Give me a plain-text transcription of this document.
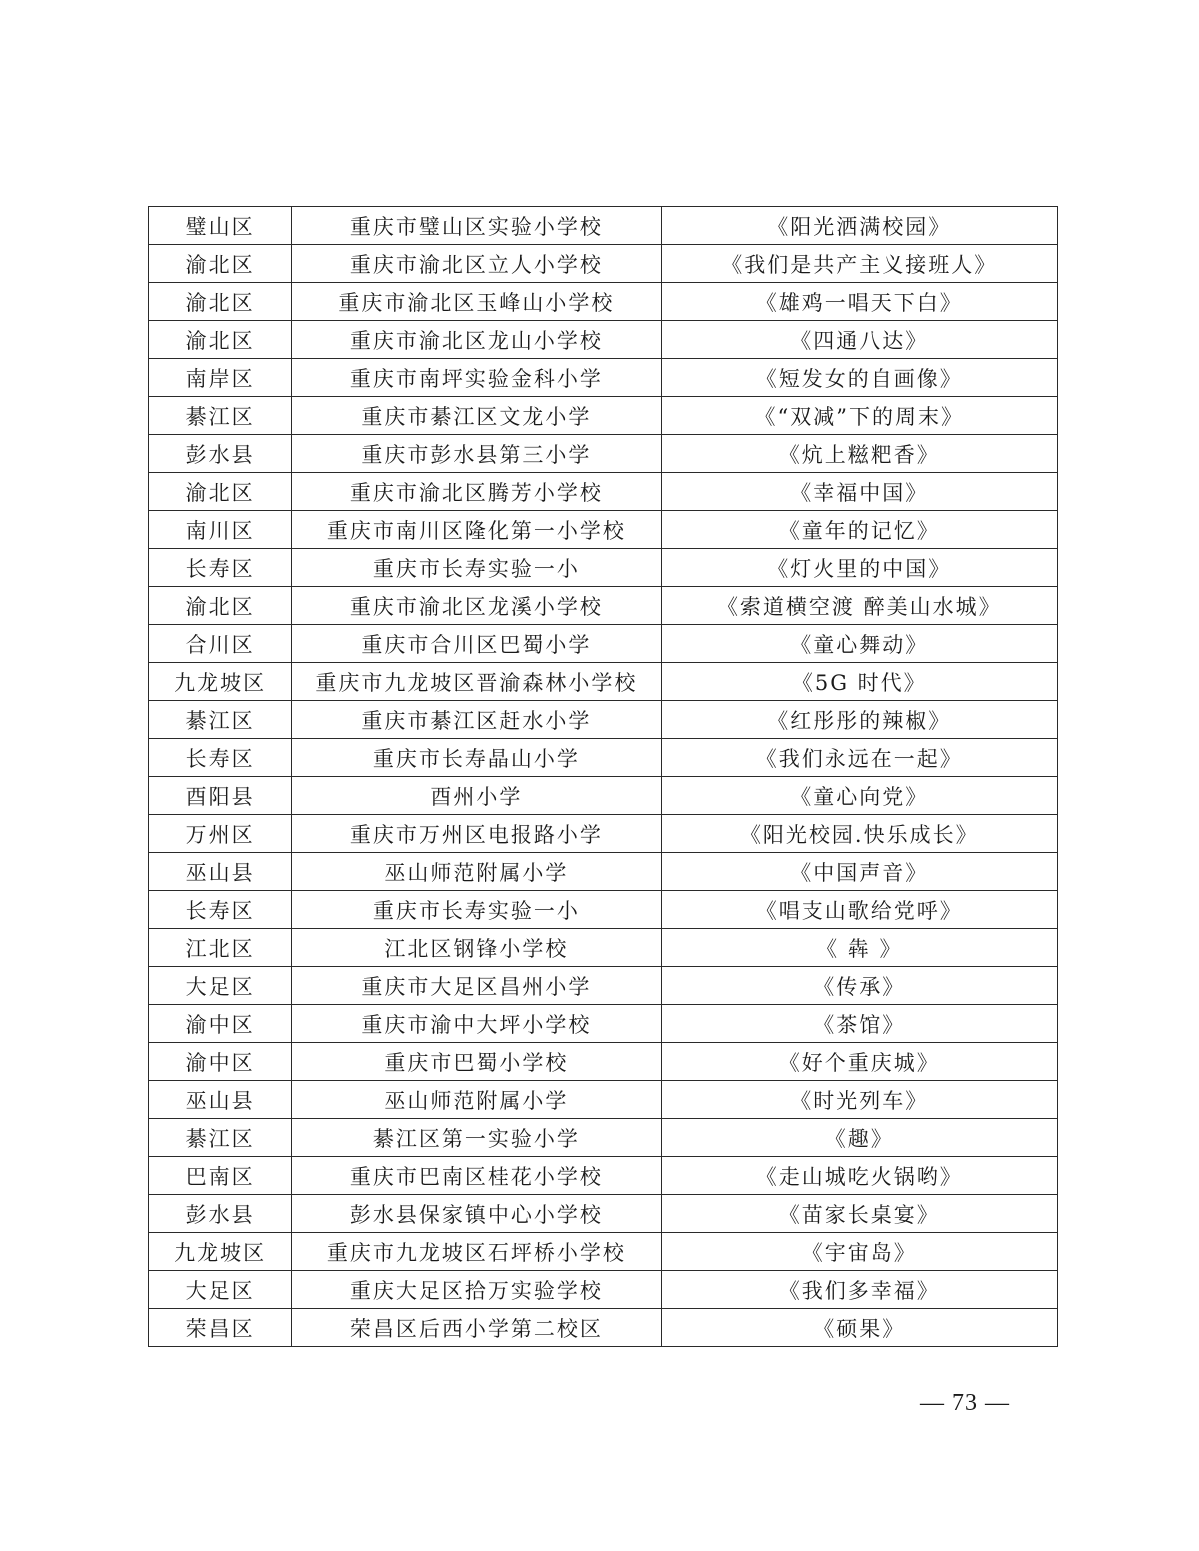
璧山区	重庆市璧山区实验小学校	《阳光洒满校园》
渝北区	重庆市渝北区立人小学校	《我们是共产主义接班人》
渝北区	重庆市渝北区玉峰山小学校	《雄鸡一唱天下白》
渝北区	重庆市渝北区龙山小学校	《四通八达》
南岸区	重庆市南坪实验金科小学	《短发女的自画像》
綦江区	重庆市綦江区文龙小学	《“双减”下的周末》
彭水县	重庆市彭水县第三小学	《炕上糍粑香》
渝北区	重庆市渝北区腾芳小学校	《幸福中国》
南川区	重庆市南川区隆化第一小学校	《童年的记忆》
长寿区	重庆市长寿实验一小	《灯火里的中国》
渝北区	重庆市渝北区龙溪小学校	《索道横空渡 醉美山水城》
合川区	重庆市合川区巴蜀小学	《童心舞动》
九龙坡区	重庆市九龙坡区晋渝森林小学校	《5G 时代》
綦江区	重庆市綦江区赶水小学	《红彤彤的辣椒》
长寿区	重庆市长寿晶山小学	《我们永远在一起》
酉阳县	酉州小学	《童心向党》
万州区	重庆市万州区电报路小学	《阳光校园.快乐成长》
巫山县	巫山师范附属小学	《中国声音》
长寿区	重庆市长寿实验一小	《唱支山歌给党呼》
江北区	江北区钢锋小学校	《 犇 》
大足区	重庆市大足区昌州小学	《传承》
渝中区	重庆市渝中大坪小学校	《茶馆》
渝中区	重庆市巴蜀小学校	《好个重庆城》
巫山县	巫山师范附属小学	《时光列车》
綦江区	綦江区第一实验小学	《趣》
巴南区	重庆市巴南区桂花小学校	《走山城吃火锅哟》
彭水县	彭水县保家镇中心小学校	《苗家长桌宴》
九龙坡区	重庆市九龙坡区石坪桥小学校	《宇宙岛》
大足区	重庆大足区拾万实验学校	《我们多幸福》
荣昌区	荣昌区后西小学第二校区	《硕果》
— 73 —
